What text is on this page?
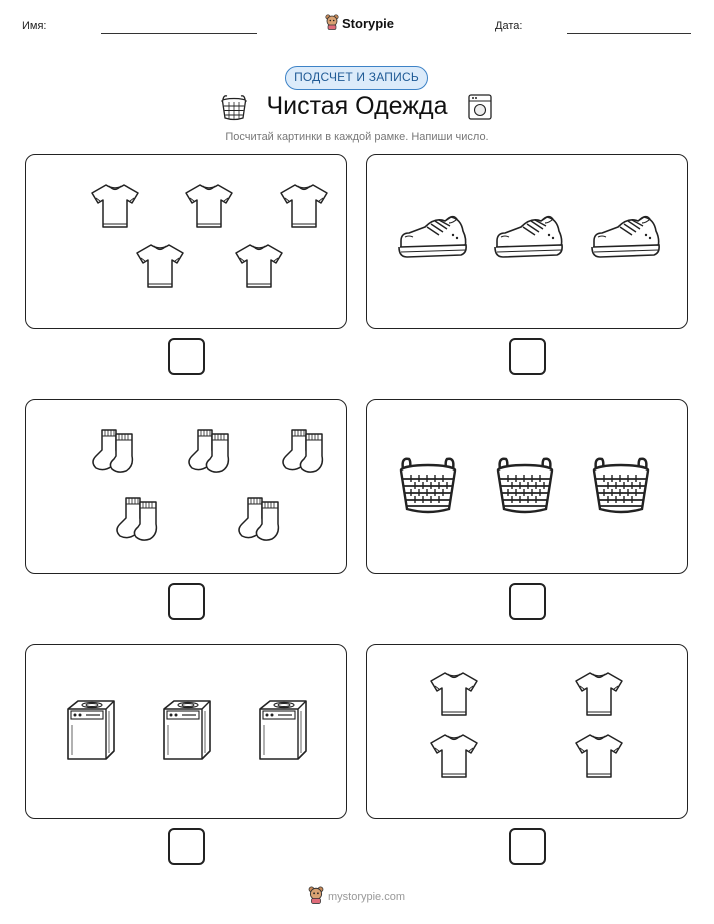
Имя:	Storypie	Дата:
ПОДСЧЕТ И ЗАПИСЬ
Чистая Одежда
Посчитай картинки в каждой рамке. Напиши число.
mystorypie.com
